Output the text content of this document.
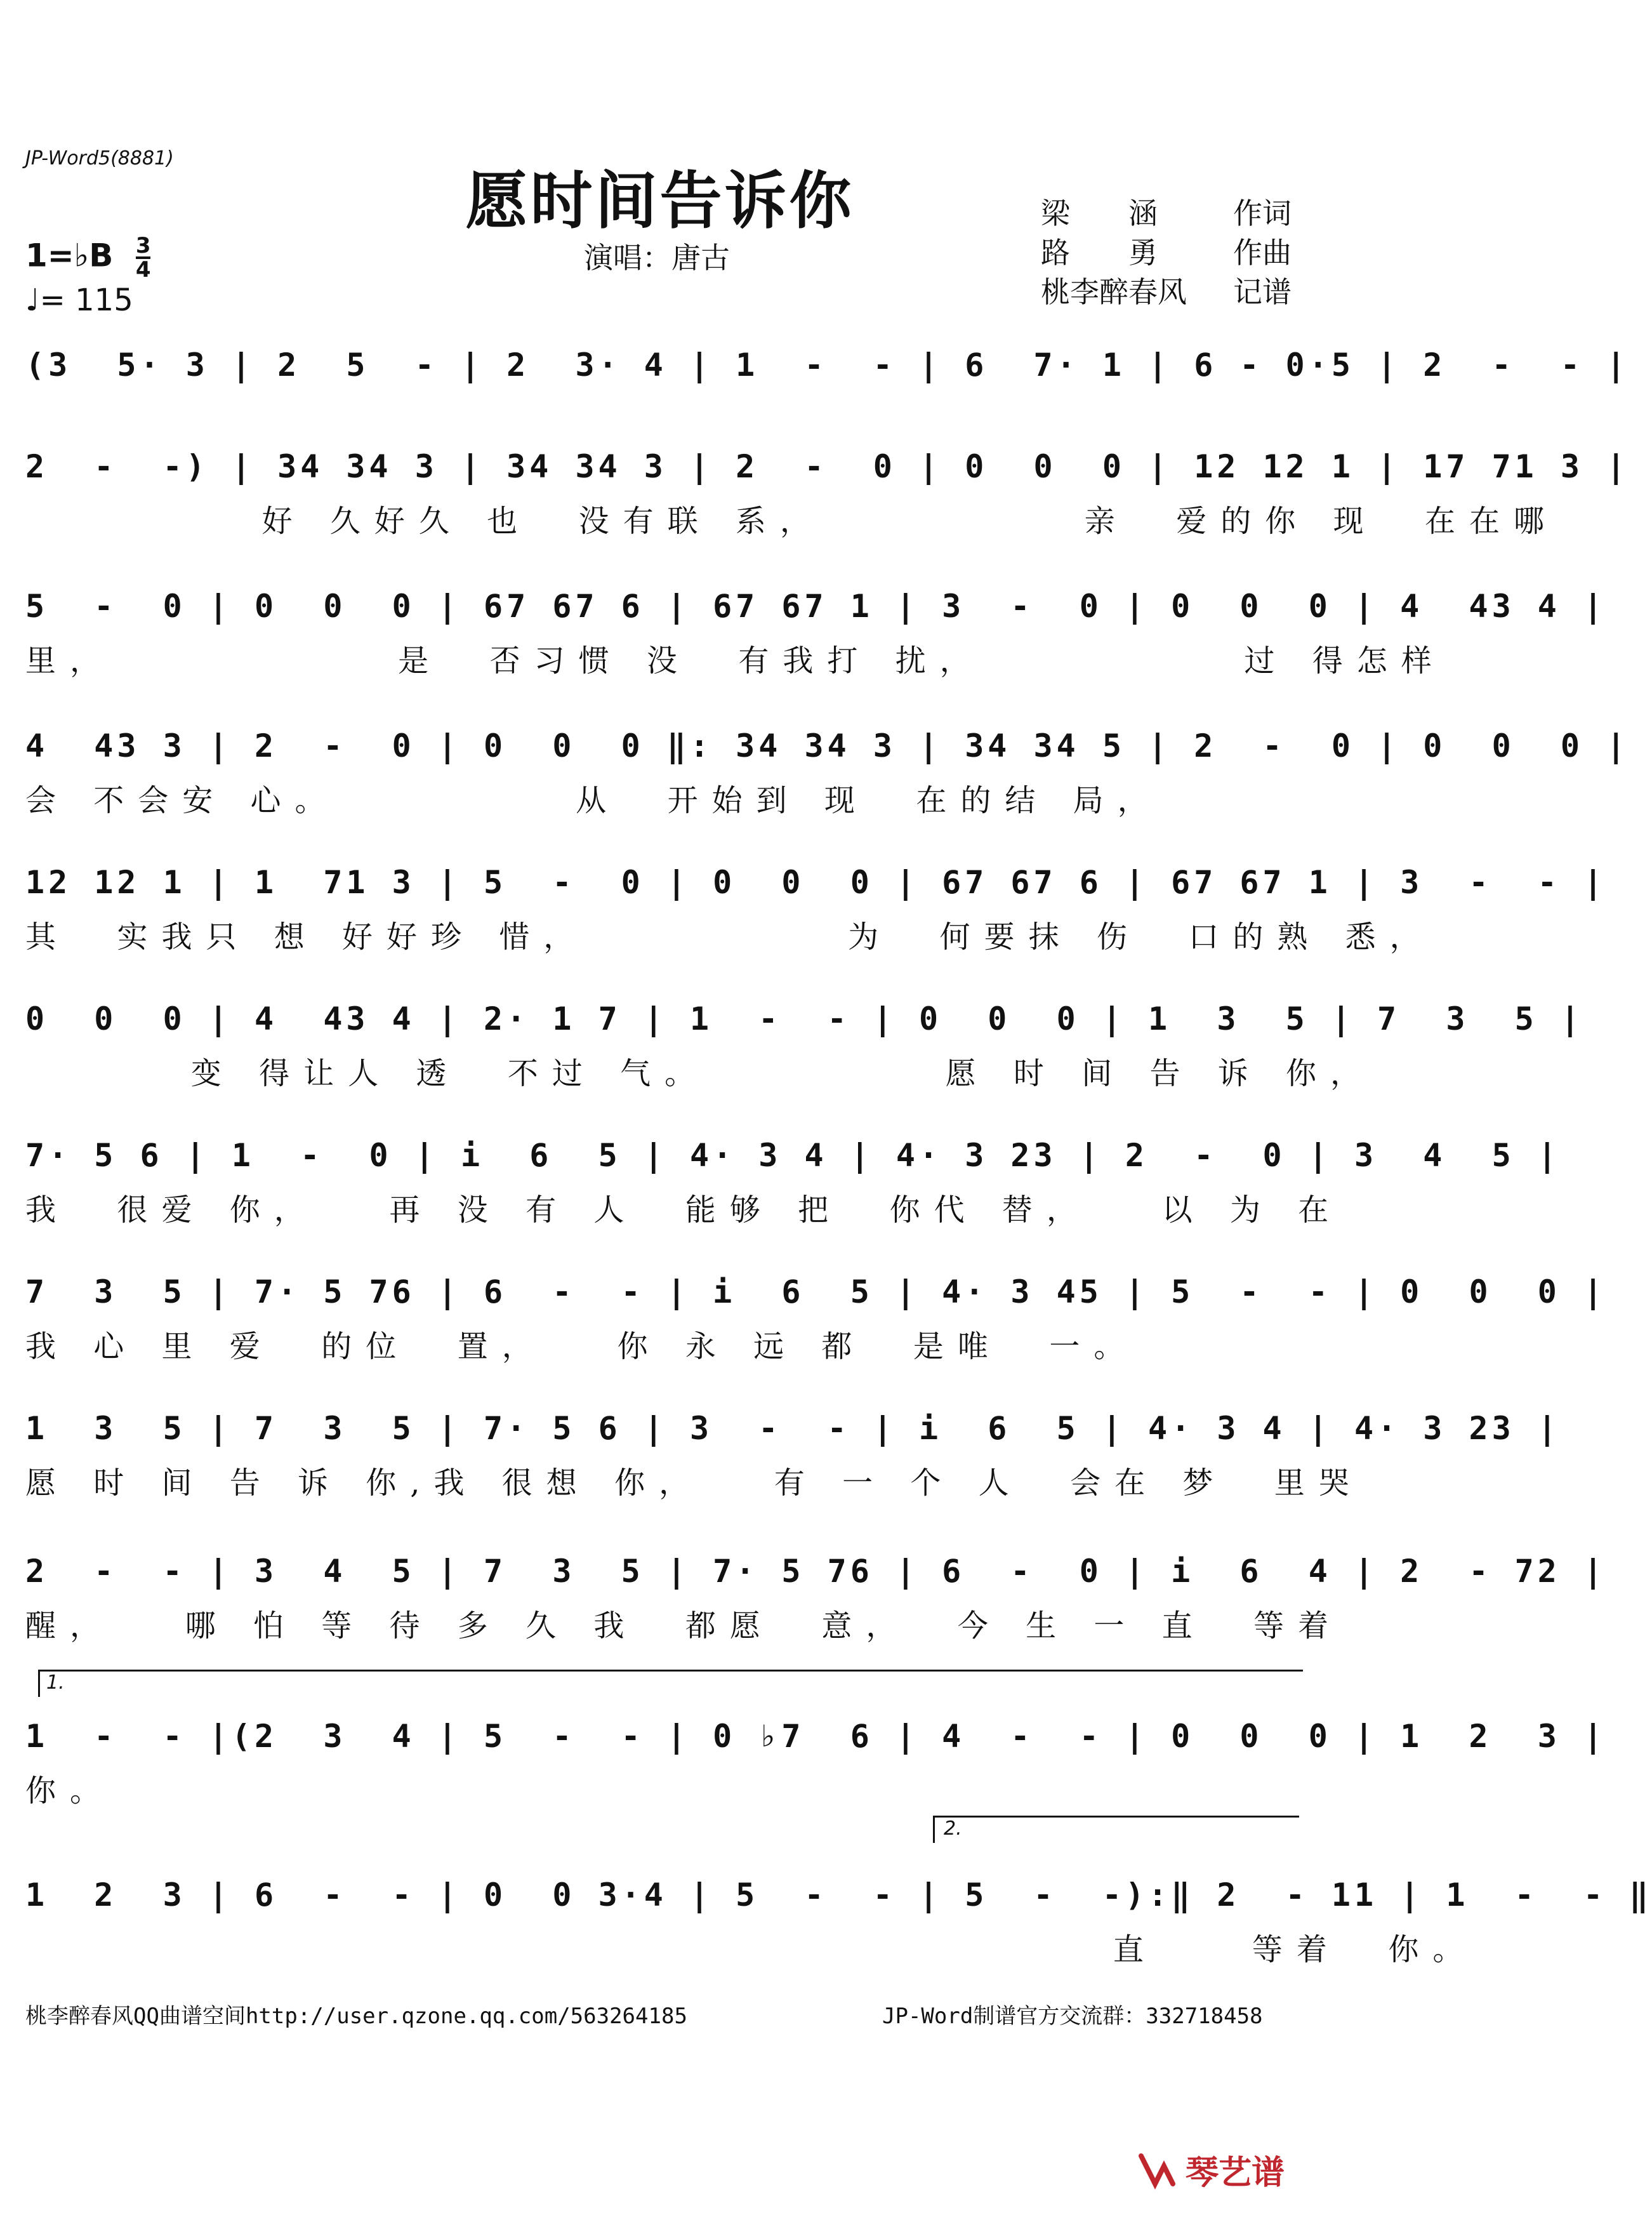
JP-Word5(8881)
愿时间告诉你
演唱：唐古
梁　　涵	作词
路　　勇	作曲
桃李醉春风 记谱
1=♭B $\frac{3}{4}$
♩= 115
(3  5· 3 | 2  5  - | 2  3· 4 | 1  -  - | 6  7· 1 | 6 - 0·5 | 2  -  - |
2  -  -) | 34 34 3 | 34 34 3 | 2  -  0 | 0  0  0 | 12 12 1 | 17 71 3 |
好 久好久 也  没有联 系，           亲  爱的你 现  在在哪
5  -  0 | 0  0  0 | 67 67 6 | 67 67 1 | 3  -  0 | 0  0  0 | 4  43 4 |
里，            是  否习惯 没  有我打 扰，           过 得怎样
4  43 3 | 2  -  0 | 0  0  0 ‖: 34 34 3 | 34 34 5 | 2  -  0 | 0  0  0 |
会 不会安 心。          从  开始到 现  在的结 局，
12 12 1 | 1  71 3 | 5  -  0 | 0  0  0 | 67 67 6 | 67 67 1 | 3  -  - |
其  实我只 想 好好珍 惜，           为  何要抹 伤  口的熟 悉，
0  0  0 | 4  43 4 | 2· 1 7 | 1  -  - | 0  0  0 | 1  3  5 | 7  3  5 |
变 得让人 透  不过 气。          愿 时 间 告 诉 你，
7· 5 6 | 1  -  0 | i  6  5 | 4· 3 4 | 4· 3 23 | 2  -  0 | 3  4  5 |
我  很爱 你，   再 没 有 人  能够 把  你代 替，   以 为 在
7  3  5 | 7· 5 76 | 6  -  - | i  6  5 | 4· 3 45 | 5  -  - | 0  0  0 |
我 心 里 爱  的位  置，   你 永 远 都  是唯  一。
1  3  5 | 7  3  5 | 7· 5 6 | 3  -  - | i  6  5 | 4· 3 4 | 4· 3 23 |
愿 时 间 告 诉 你,我 很想 你，   有 一 个 人  会在 梦  里哭
2  -  - | 3  4  5 | 7  3  5 | 7· 5 76 | 6  -  0 | i  6  4 | 2  - 72 |
醒，   哪 怕 等 待 多 久 我  都愿  意，  今 生 一 直  等着
1.
1  -  - |(2  3  4 | 5  -  - | 0 ♭7  6 | 4  -  - | 0  0  0 | 1  2  3 |
你。
2.
1  2  3 | 6  -  - | 0  0 3·4 | 5  -  - | 5  -  -):‖ 2  - 11 | 1  -  - ‖
直    等着  你。
桃李醉春风QQ曲谱空间http://user.qzone.qq.com/563264185	JP-Word制谱官方交流群：332718458
琴艺谱
